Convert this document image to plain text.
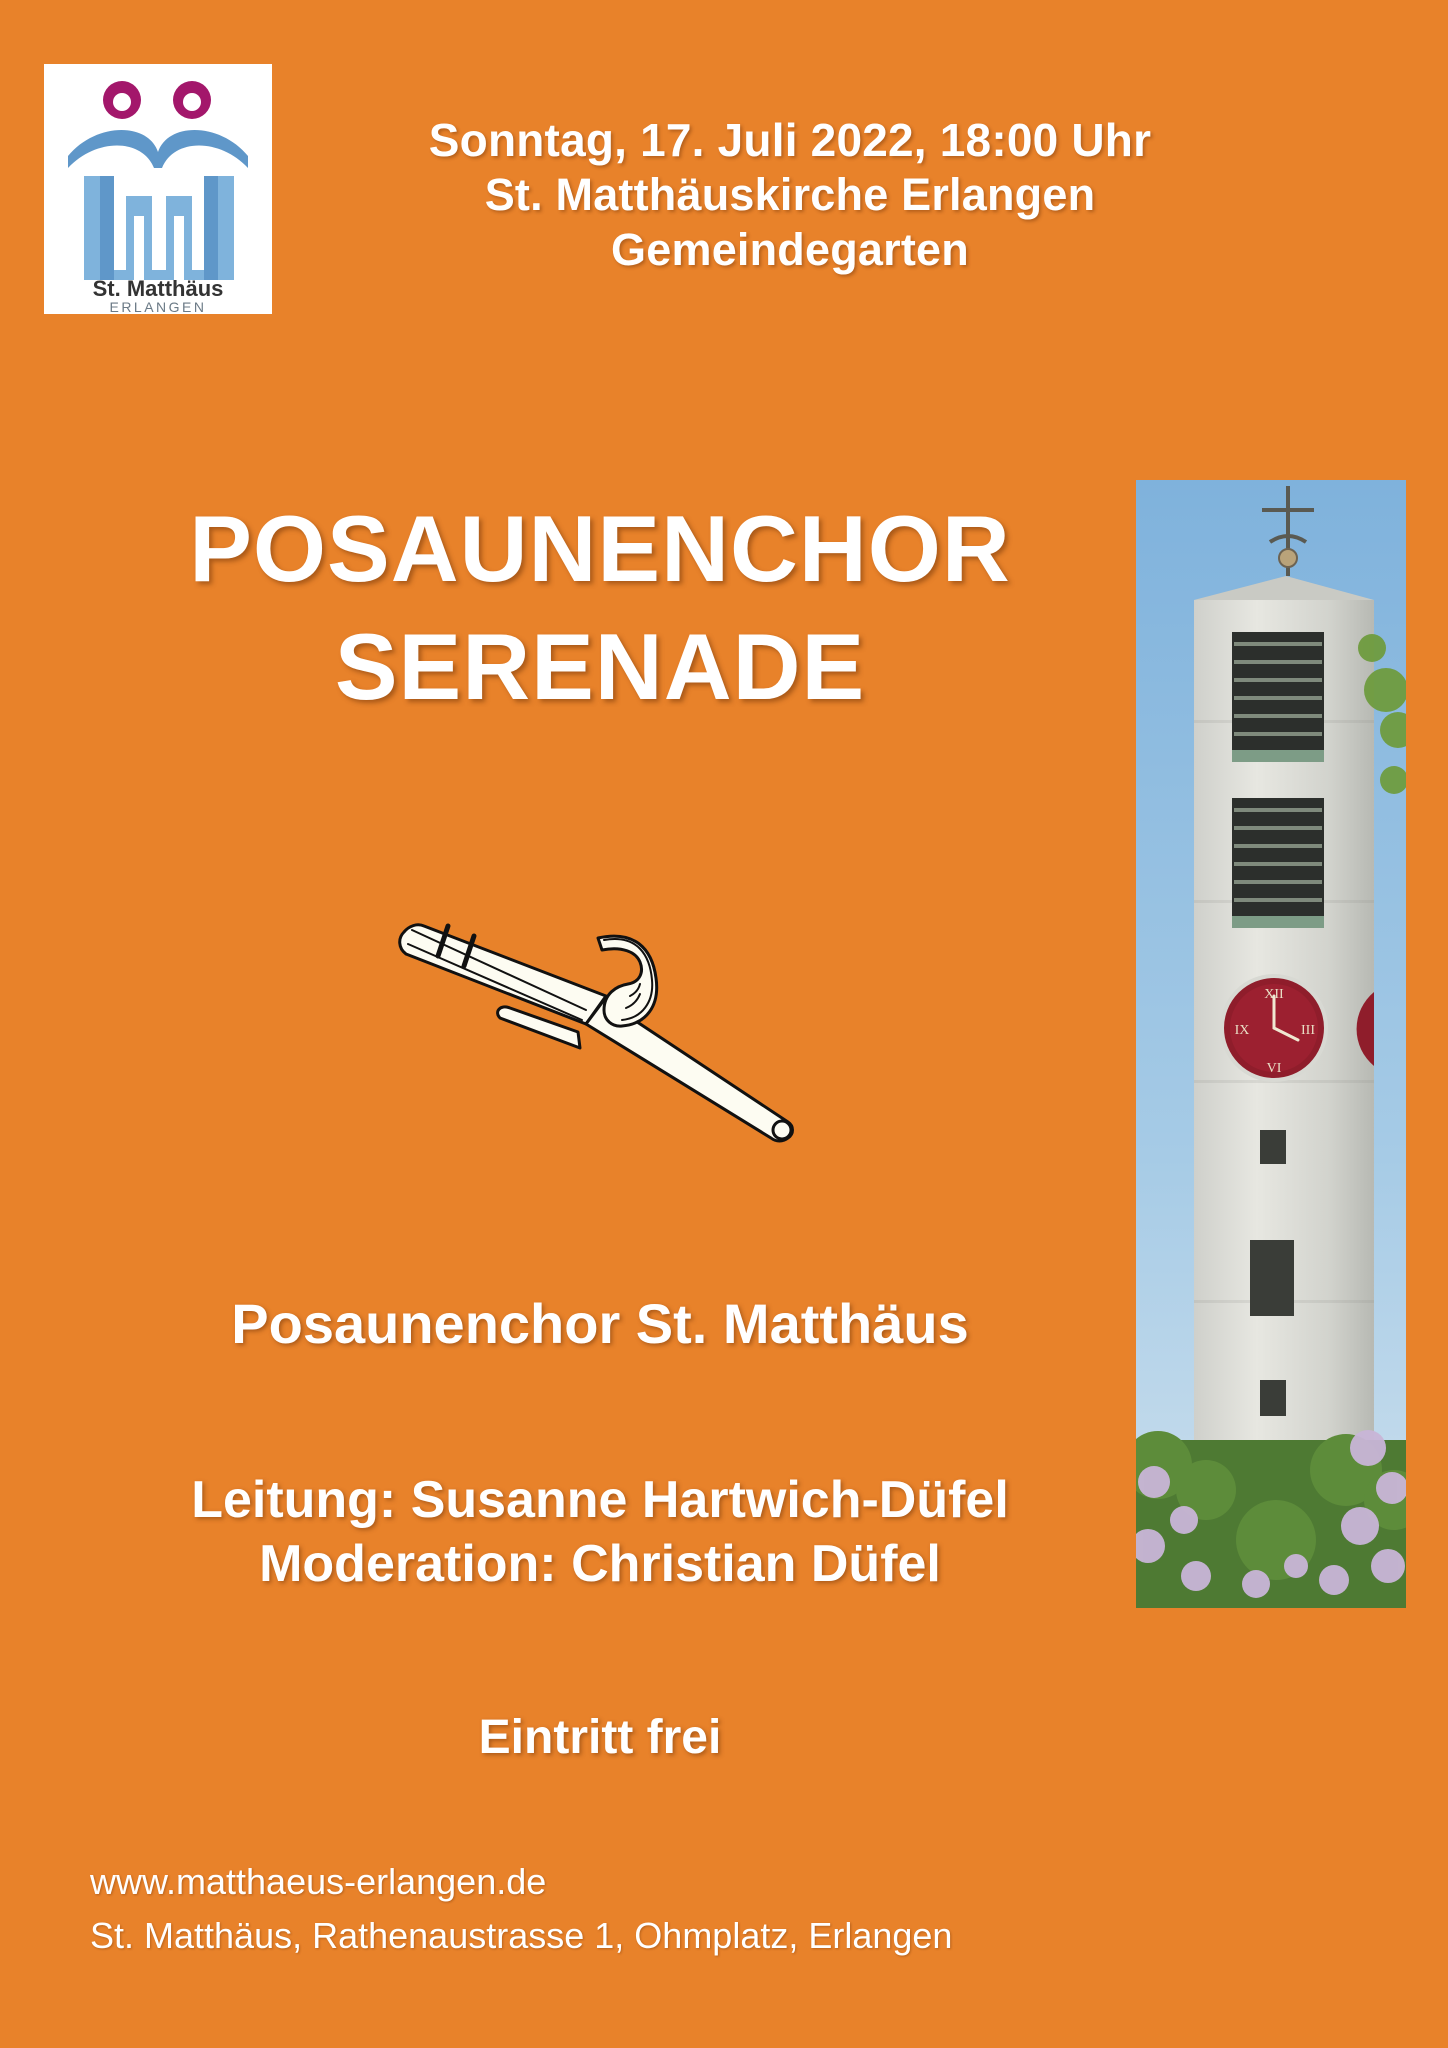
St. Matthäus
ERLANGEN
Sonntag, 17. Juli 2022, 18:00 Uhr
St. Matthäuskirche Erlangen
Gemeindegarten
POSAUNENCHOR
SERENADE
Posaunenchor St. Matthäus
Leitung: Susanne Hartwich-Düfel
Moderation: Christian Düfel
Eintritt frei
www.matthaeus-erlangen.de
St. Matthäus, Rathenaustrasse 1, Ohmplatz, Erlangen
XII
III
VI
IX
